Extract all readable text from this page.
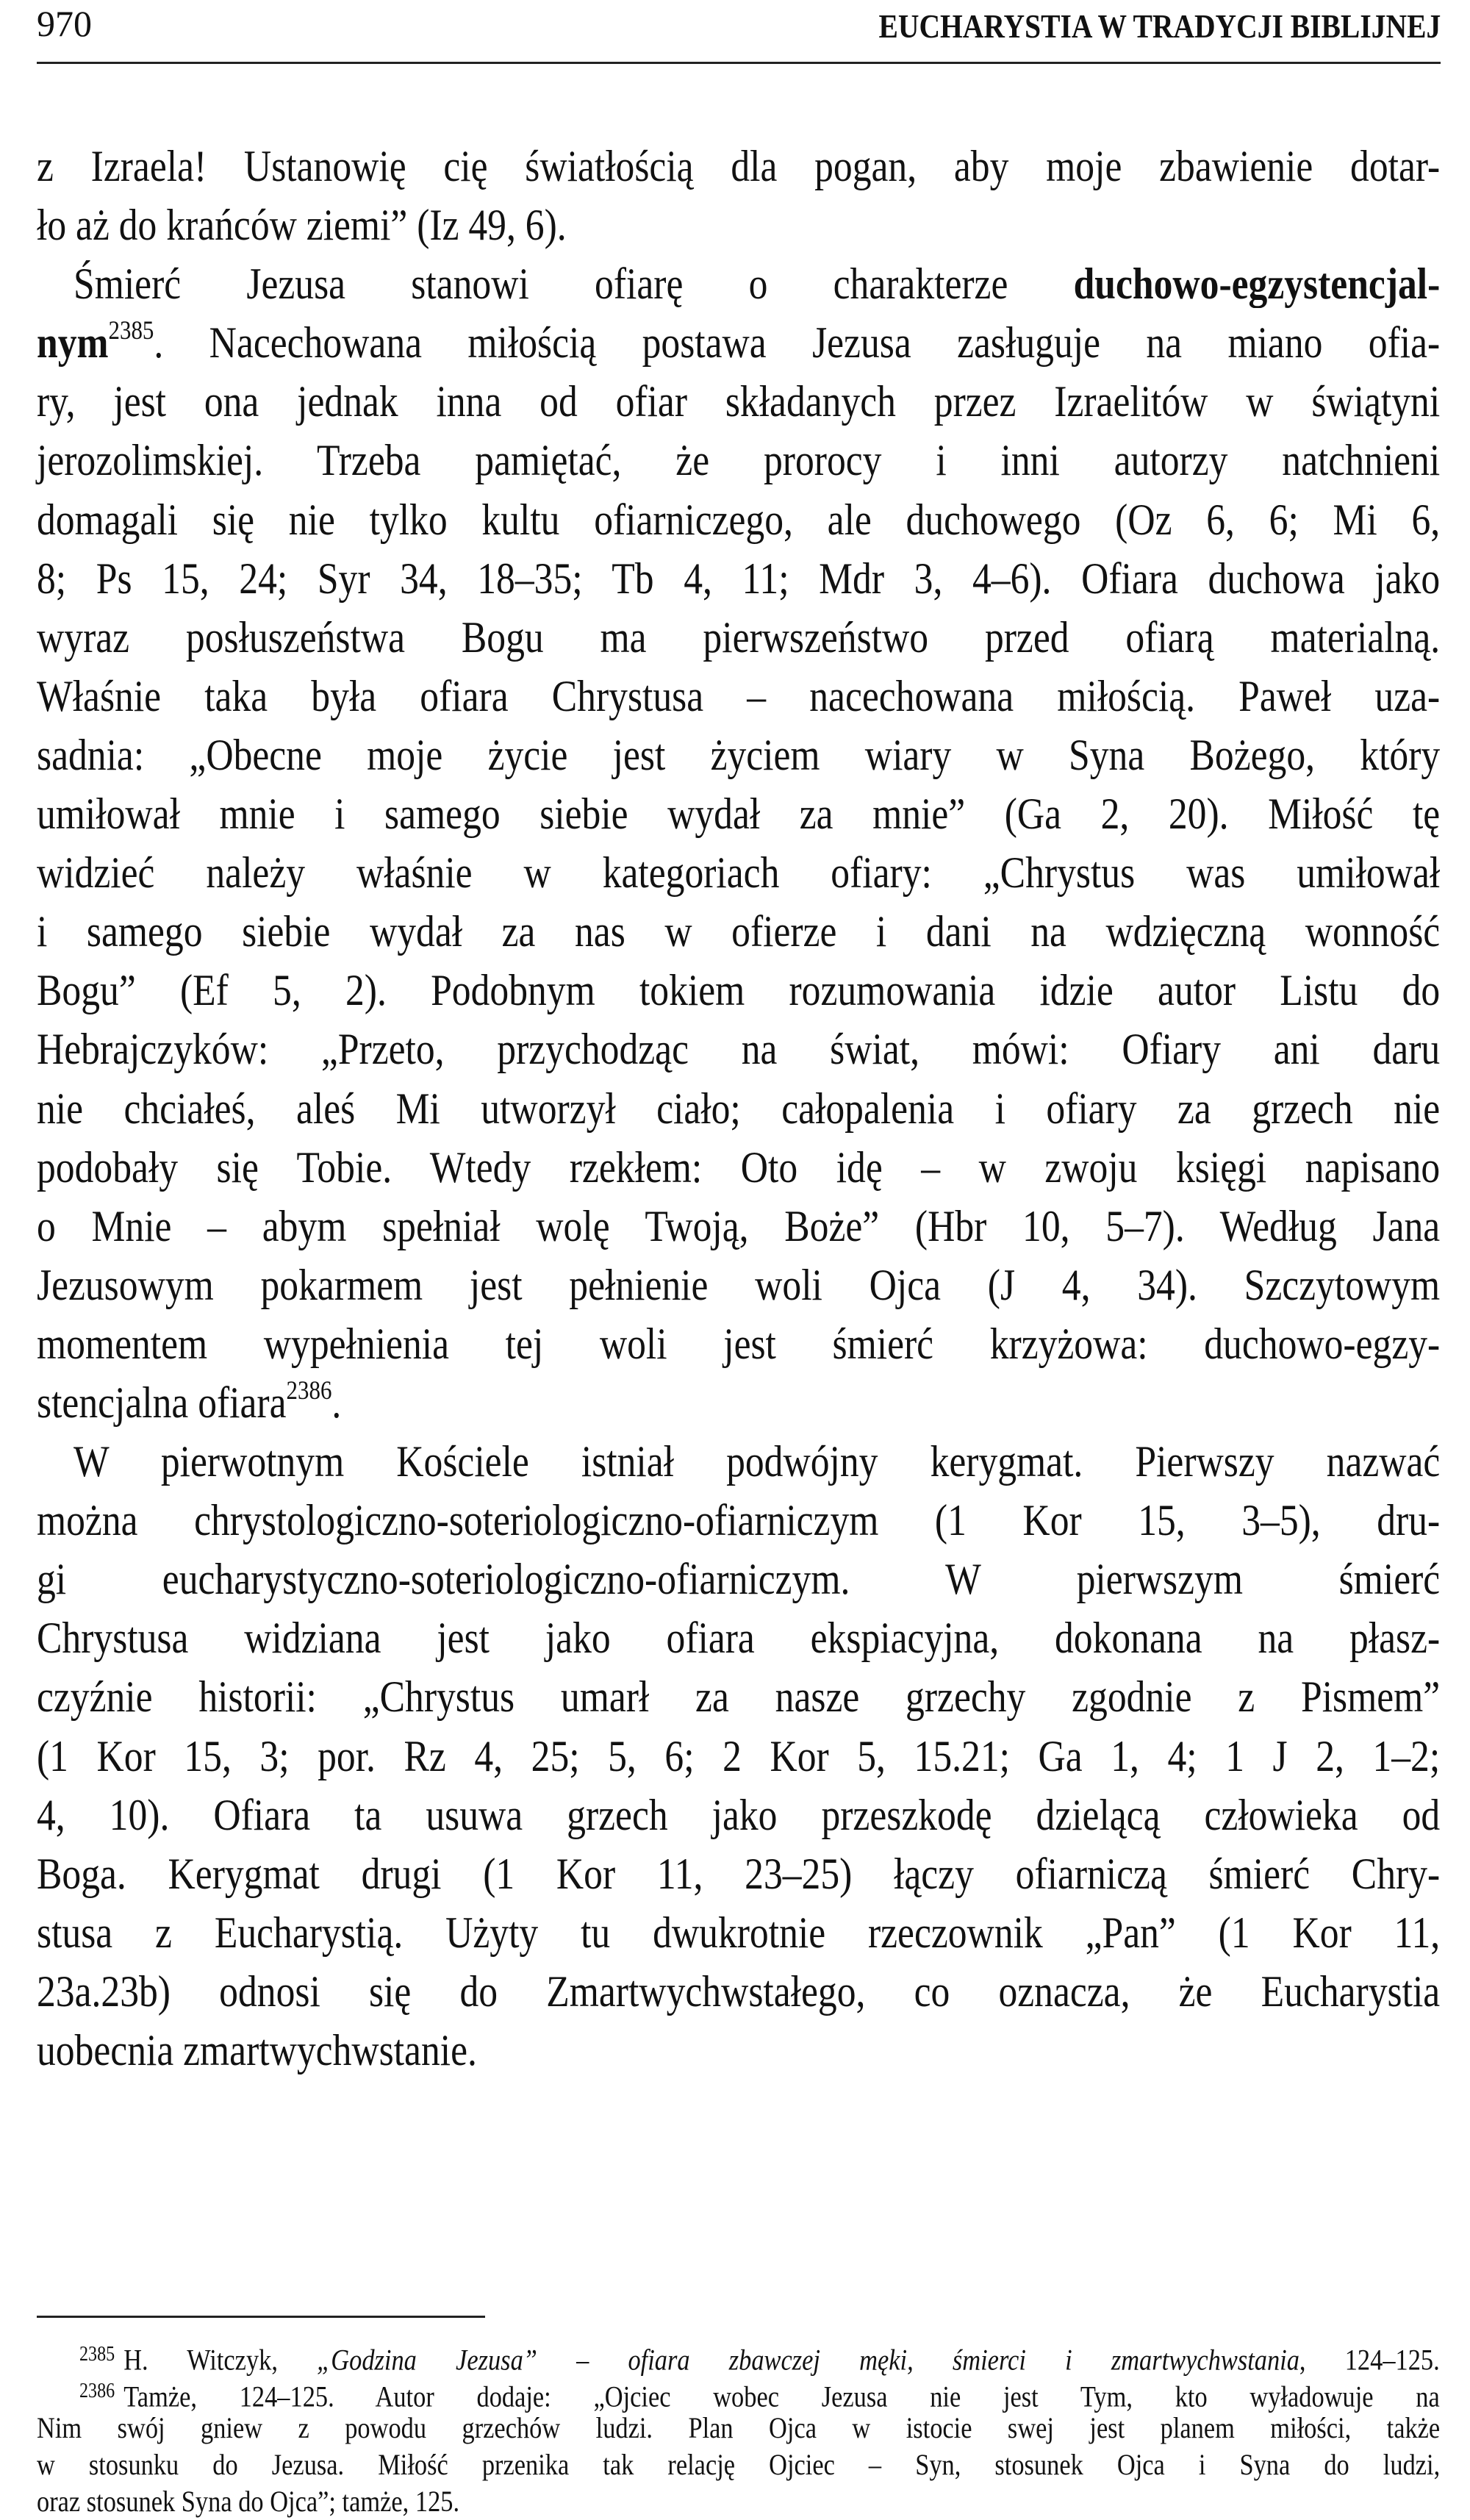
970	EUCHARYSTIA W TRADYCJI BIBLIJNEJ
z Izraela! Ustanowię cię światłością dla pogan, aby moje zbawienie dotar-
ło aż do krańców ziemi” (Iz 49, 6).
Śmierć Jezusa stanowi ofiarę o charakterze duchowo-egzystencjal-
nym$^{2385}$. Nacechowana miłością postawa Jezusa zasługuje na miano ofia-
ry, jest ona jednak inna od ofiar składanych przez Izraelitów w świątyni
jerozolimskiej. Trzeba pamiętać, że prorocy i inni autorzy natchnieni
domagali się nie tylko kultu ofiarniczego, ale duchowego (Oz 6, 6; Mi 6,
8; Ps 15, 24; Syr 34, 18–35; Tb 4, 11; Mdr 3, 4–6). Ofiara duchowa jako
wyraz posłuszeństwa Bogu ma pierwszeństwo przed ofiarą materialną.
Właśnie taka była ofiara Chrystusa – nacechowana miłością. Paweł uza-
sadnia: „Obecne moje życie jest życiem wiary w Syna Bożego, który
umiłował mnie i samego siebie wydał za mnie” (Ga 2, 20). Miłość tę
widzieć należy właśnie w kategoriach ofiary: „Chrystus was umiłował
i samego siebie wydał za nas w ofierze i dani na wdzięczną wonność
Bogu” (Ef 5, 2). Podobnym tokiem rozumowania idzie autor Listu do
Hebrajczyków: „Przeto, przychodząc na świat, mówi: Ofiary ani daru
nie chciałeś, aleś Mi utworzył ciało; całopalenia i ofiary za grzech nie
podobały się Tobie. Wtedy rzekłem: Oto idę – w zwoju księgi napisano
o Mnie – abym spełniał wolę Twoją, Boże” (Hbr 10, 5–7). Według Jana
Jezusowym pokarmem jest pełnienie woli Ojca (J 4, 34). Szczytowym
momentem wypełnienia tej woli jest śmierć krzyżowa: duchowo-egzy-
stencjalna ofiara$^{2386}$.
W pierwotnym Kościele istniał podwójny kerygmat. Pierwszy nazwać
można chrystologiczno-soteriologiczno-ofiarniczym (1 Kor 15, 3–5), dru-
gi eucharystyczno-soteriologiczno-ofiarniczym. W pierwszym śmierć
Chrystusa widziana jest jako ofiara ekspiacyjna, dokonana na płasz-
czyźnie historii: „Chrystus umarł za nasze grzechy zgodnie z Pismem”
(1 Kor 15, 3; por. Rz 4, 25; 5, 6; 2 Kor 5, 15.21; Ga 1, 4; 1 J 2, 1–2;
4, 10). Ofiara ta usuwa grzech jako przeszkodę dzielącą człowieka od
Boga. Kerygmat drugi (1 Kor 11, 23–25) łączy ofiarniczą śmierć Chry-
stusa z Eucharystią. Użyty tu dwukrotnie rzeczownik „Pan” (1 Kor 11,
23a.23b) odnosi się do Zmartwychwstałego, co oznacza, że Eucharystia
uobecnia zmartwychwstanie.
$^{2385}$ H. Witczyk, „Godzina Jezusa” – ofiara zbawczej męki, śmierci i zmartwychwstania, 124–125.
$^{2386}$ Tamże, 124–125. Autor dodaje: „Ojciec wobec Jezusa nie jest Tym, kto wyładowuje na
Nim swój gniew z powodu grzechów ludzi. Plan Ojca w istocie swej jest planem miłości, także
w stosunku do Jezusa. Miłość przenika tak relację Ojciec – Syn, stosunek Ojca i Syna do ludzi,
oraz stosunek Syna do Ojca”; tamże, 125.
